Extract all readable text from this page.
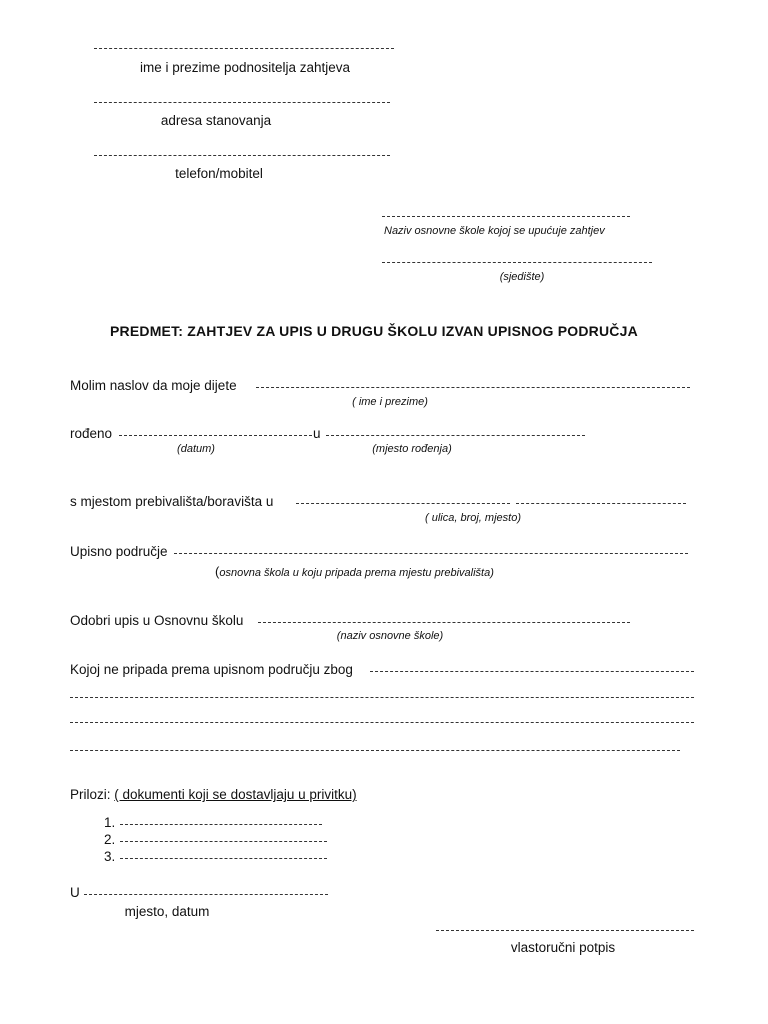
ime i prezime podnositelja zahtjeva
adresa stanovanja
telefon/mobitel
Naziv osnovne škole kojoj se upućuje zahtjev
(sjedište)
PREDMET: ZAHTJEV ZA UPIS U DRUGU ŠKOLU IZVAN UPISNOG PODRUČJA
Molim naslov da moje dijete
( ime i prezime)
rođeno	u
(datum)	(mjesto rođenja)
s mjestom prebivališta/boravišta u
( ulica, broj, mjesto)
Upisno područje
(osnovna škola u koju pripada prema mjestu prebivališta)
Odobri upis u Osnovnu školu
(naziv osnovne škole)
Kojoj ne pripada prema upisnom području zbog
Prilozi: ( dokumenti koji se dostavljaju u privitku)
1.
2.
3.
U
mjesto, datum
vlastoručni potpis
